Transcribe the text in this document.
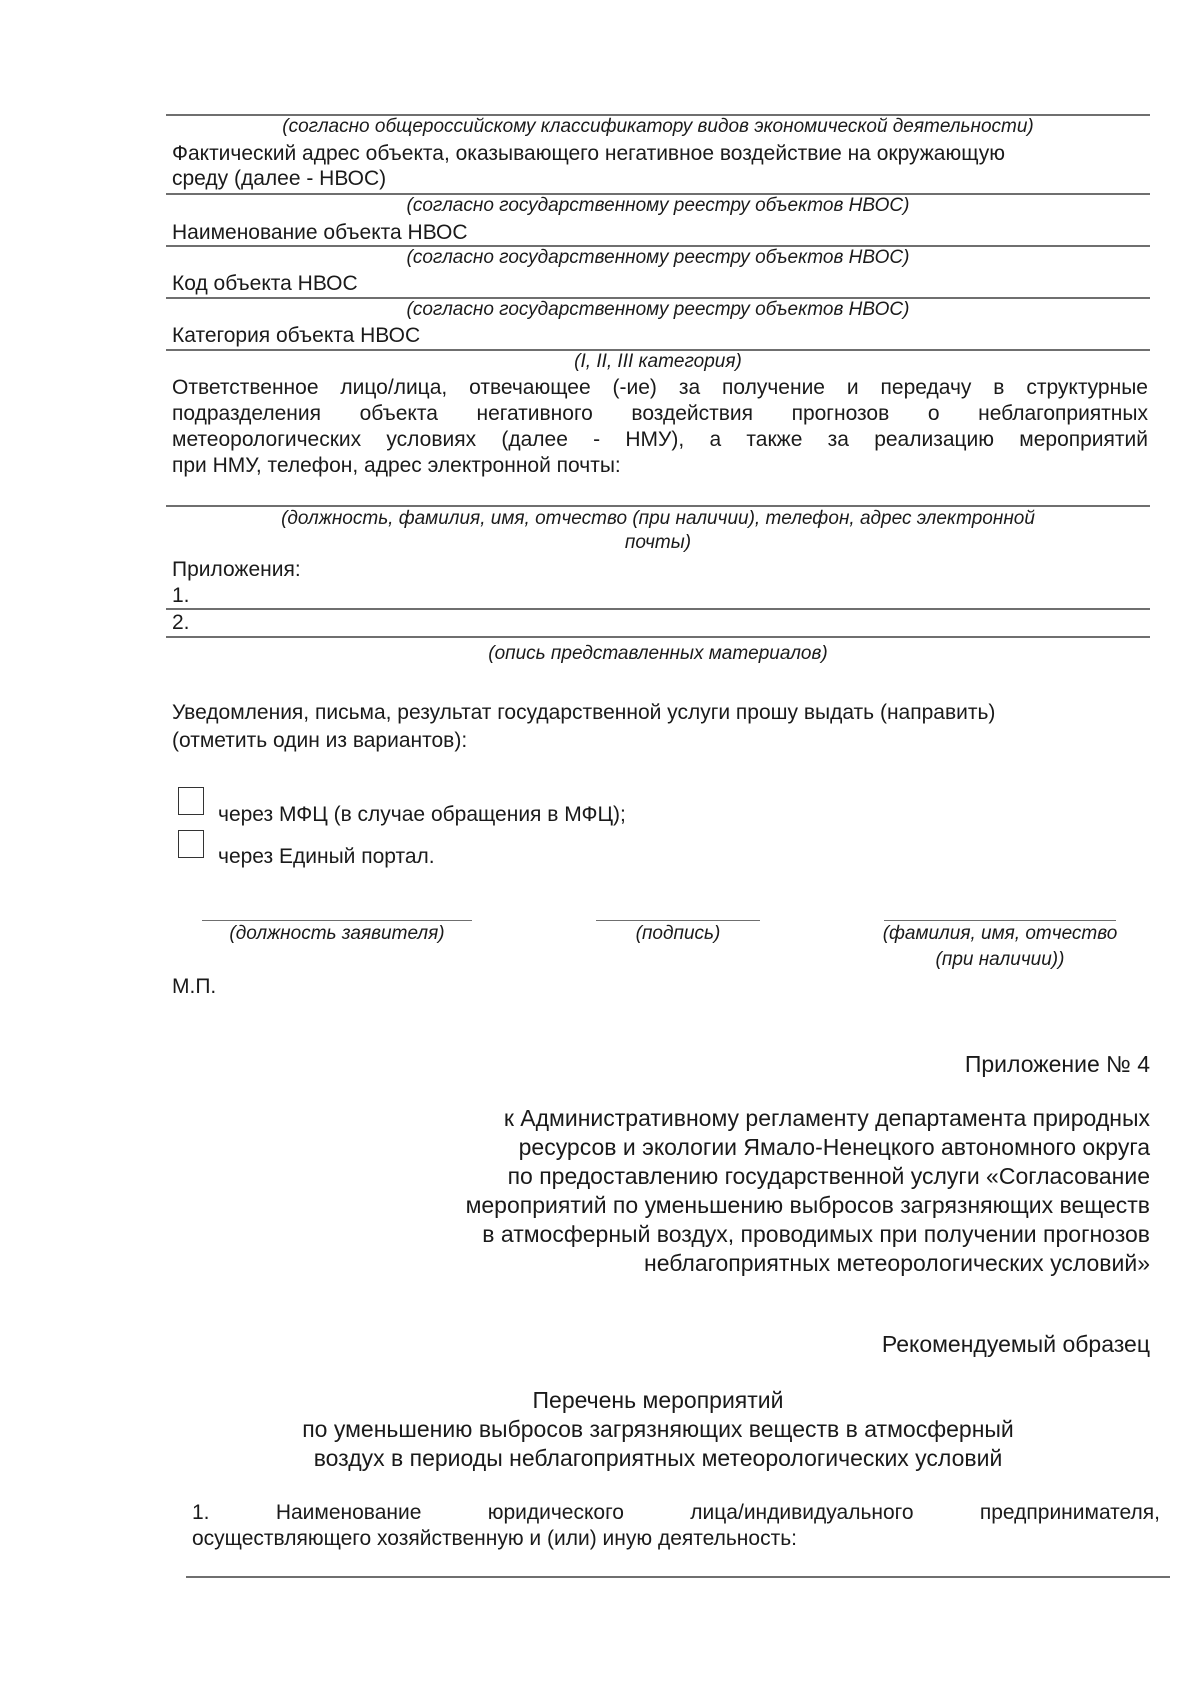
(согласно общероссийскому классификатору видов экономической деятельности)
Фактический адрес объекта, оказывающего негативное воздействие на окружающую
среду (далее - НВОС)
(согласно государственному реестру объектов НВОС)
Наименование объекта НВОС
(согласно государственному реестру объектов НВОС)
Код объекта НВОС
(согласно государственному реестру объектов НВОС)
Категория объекта НВОС
(I, II, III категория)
Ответственное лицо/лица, отвечающее (-ие) за получение и передачу в структурные
подразделения объекта негативного воздействия прогнозов о неблагоприятных
метеорологических условиях (далее - НМУ), а также за реализацию мероприятий
при НМУ, телефон, адрес электронной почты:
(должность, фамилия, имя, отчество (при наличии), телефон, адрес электронной
почты)
Приложения:
1.
2.
(опись представленных материалов)
Уведомления, письма, результат государственной услуги прошу выдать (направить)
(отметить один из вариантов):
через МФЦ (в случае обращения в МФЦ);
через Единый портал.
(должность заявителя)	(подпись)	(фамилия, имя, отчество
(при наличии))
М.П.
Приложение № 4
к Административному регламенту департамента природных
ресурсов и экологии Ямало-Ненецкого автономного округа
по предоставлению государственной услуги «Согласование
мероприятий по уменьшению выбросов загрязняющих веществ
в атмосферный воздух, проводимых при получении прогнозов
неблагоприятных метеорологических условий»
Рекомендуемый образец
Перечень мероприятий
по уменьшению выбросов загрязняющих веществ в атмосферный
воздух в периоды неблагоприятных метеорологических условий
1. Наименование юридического лица/индивидуального предпринимателя,
осуществляющего хозяйственную и (или) иную деятельность:
